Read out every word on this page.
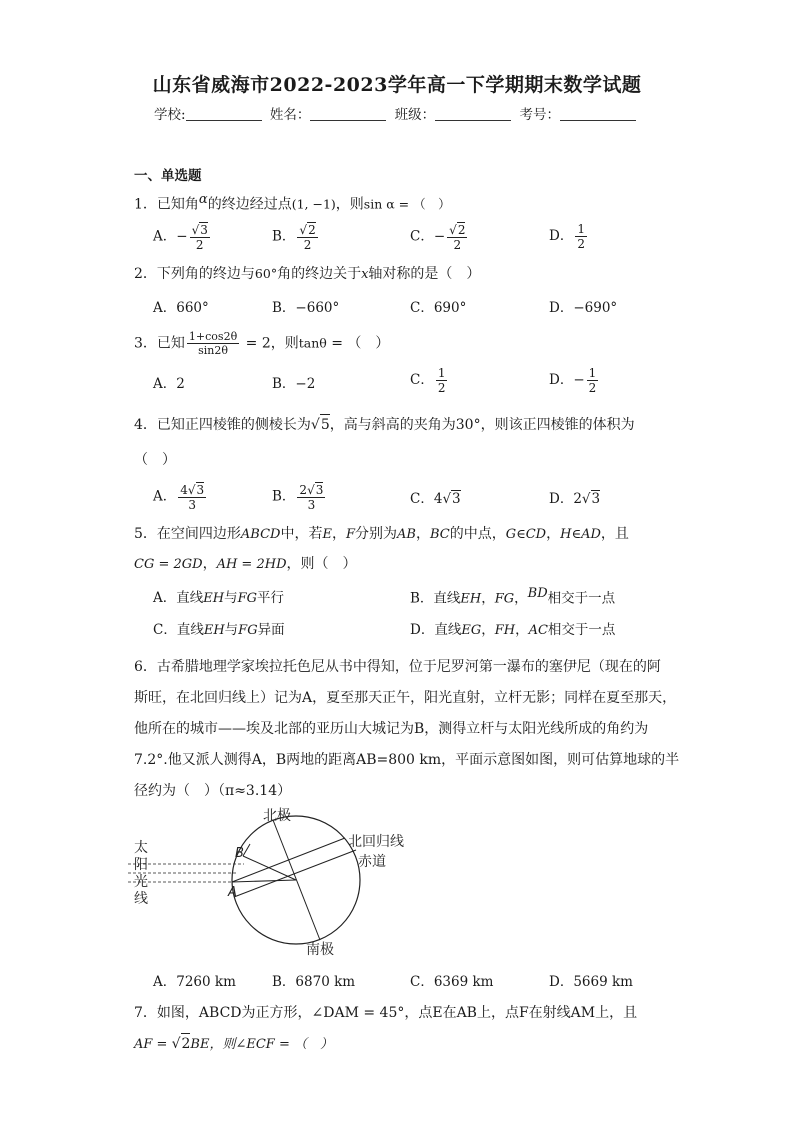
山东省威海市2022-2023学年高一下学期期末数学试题
学校:	姓名：	班级：	考号：
一、单选题
1．已知角$^\alpha$的终边经过点(1, −1)，则sin α = （　）
A．− $\frac{√3}{2}$	B． $\frac{√2}{2}$	C．− $\frac{√2}{2}$	D． $\frac{1}{2}$
2．下列角的终边与60°角的终边关于x轴对称的是（　）
A．660°	B．−660°	C．690°	D．−690°
3．已知 $\frac{1+\cos 2\theta}{\sin 2\theta} = 2$，则tanθ = （　）
A．2	B．−2	C． $\frac{1}{2}$	D．− $\frac{1}{2}$
4．已知正四棱锥的侧棱长为√5，高与斜高的夹角为30°，则该正四棱锥的体积为
（　）
A． $\frac{4√3}{3}$	B． $\frac{2√3}{3}$	C．4√3	D．2√3
5．在空间四边形ABCD中，若E，F分别为AB，BC的中点，G∈CD，H∈AD，且
CG = 2GD，AH = 2HD，则（　）
A．直线EH与FG平行	B．直线EH，FG，$^{BD}$相交于一点
C．直线EH与FG异面	D．直线EG，FH，AC相交于一点
6．古希腊地理学家埃拉托色尼从书中得知，位于尼罗河第一瀑布的塞伊尼（现在的阿
斯旺，在北回归线上）记为A，夏至那天正午，阳光直射，立杆无影；同样在夏至那天，
他所在的城市——埃及北部的亚历山大城记为B，测得立杆与太阳光线所成的角约为
7.2°.他又派人测得A，B两地的距离AB=800 km，平面示意图如图，则可估算地球的半
径约为（　）（π≈3.14）
北极
南极
北回归线
赤道
太
阳
光
线
B
A
A．7260 km	B．6870 km	C．6369 km	D．5669 km
7．如图，ABCD为正方形，∠DAM = 45°，点E在AB上，点F在射线AM上，且
AF = √2BE，则∠ECF = （　）
